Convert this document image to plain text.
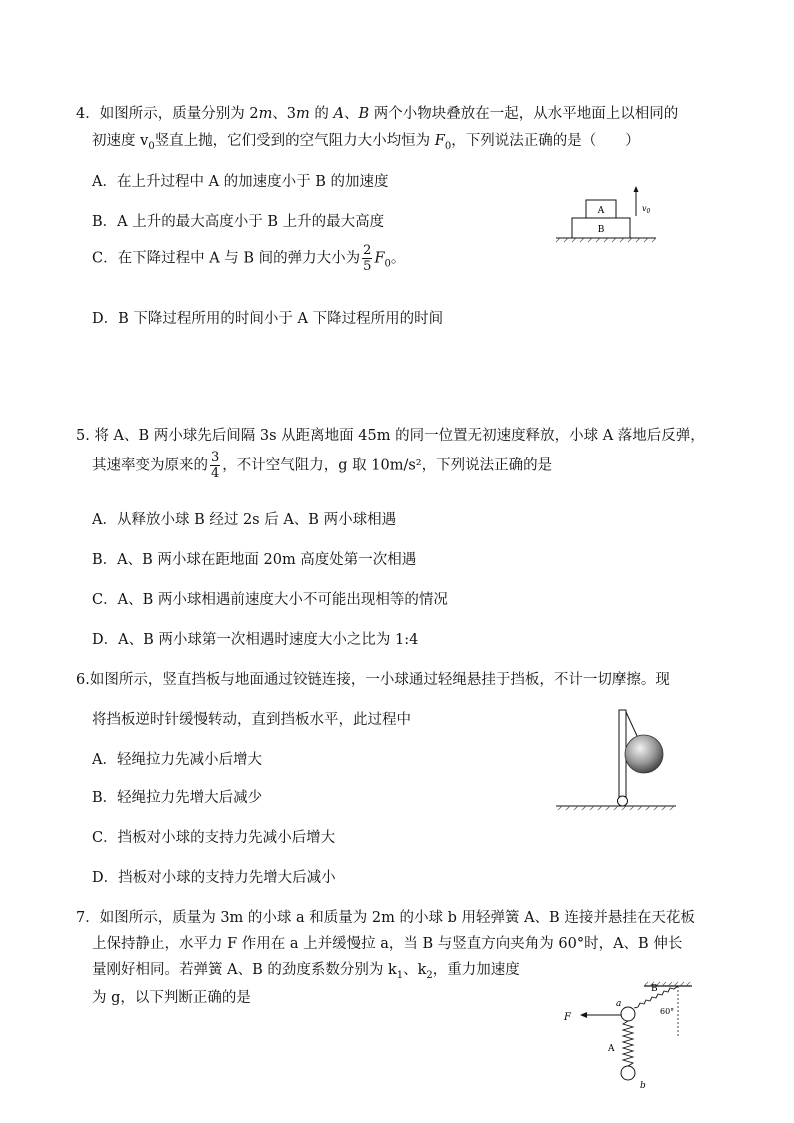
4．如图所示，质量分别为 2m、3m 的 A、B 两个小物块叠放在一起，从水平地面上以相同的
初速度 $v_0$竖直上抛，它们受到的空气阻力大小均恒为 $F_0$，下列说法正确的是（　　）
A．在上升过程中 A 的加速度小于 B 的加速度
B．A 上升的最大高度小于 B 上升的最大高度
C．在下降过程中 A 与 B 间的弹力大小为 $\frac{2}{5} F_0$。
D．B 下降过程所用的时间小于 A 下降过程所用的时间
A
B
$v_0$
5. 将 A、B 两小球先后间隔 3s 从距离地面 45m 的同一位置无初速度释放，小球 A 落地后反弹，
其速率变为原来的 $\frac{3}{4}$ ，不计空气阻力，g 取 10m/s²，下列说法正确的是
A．从释放小球 B 经过 2s 后 A、B 两小球相遇
B．A、B 两小球在距地面 20m 高度处第一次相遇
C．A、B 两小球相遇前速度大小不可能出现相等的情况
D．A、B 两小球第一次相遇时速度大小之比为 1:4
6.如图所示，竖直挡板与地面通过铰链连接，一小球通过轻绳悬挂于挡板，不计一切摩擦。现
将挡板逆时针缓慢转动，直到挡板水平，此过程中
A．轻绳拉力先减小后增大
B．轻绳拉力先增大后减少
C．挡板对小球的支持力先减小后增大
D．挡板对小球的支持力先增大后减小
7．如图所示，质量为 3m 的小球 a 和质量为 2m 的小球 b 用轻弹簧 A、B 连接并悬挂在天花板
上保持静止，水平力 F 作用在 a 上并缓慢拉 a，当 B 与竖直方向夹角为 60°时，A、B 伸长
量刚好相同。若弹簧 A、B 的劲度系数分别为 $k_1$、$k_2$，重力加速度
为 g，以下判断正确的是
B
60°
F
a
A
b
